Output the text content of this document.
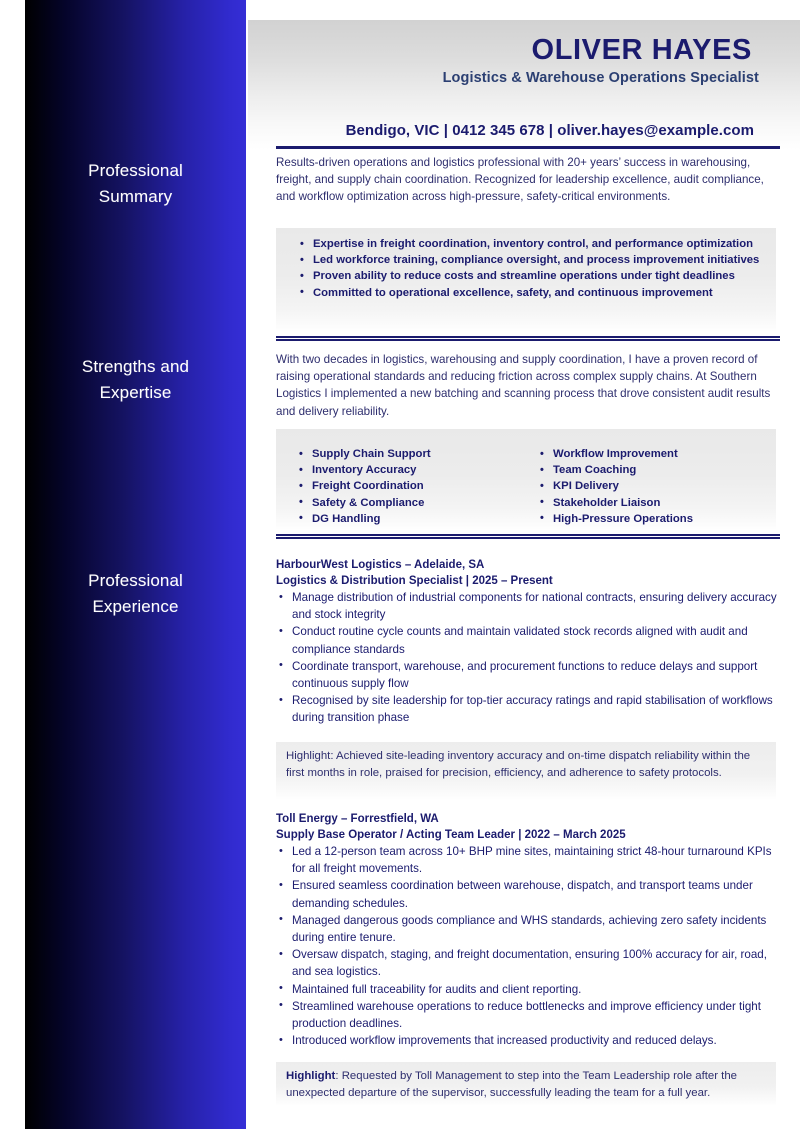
Professional
Summary
Strengths and
Expertise
Professional
Experience
OLIVER HAYES
Logistics & Warehouse Operations Specialist
Bendigo, VIC | 0412 345 678 | oliver.hayes@example.com
Results-driven operations and logistics professional with 20+ years’ success in warehousing, freight, and supply chain coordination. Recognized for leadership excellence, audit compliance, and workflow optimization across high-pressure, safety-critical environments.
• Expertise in freight coordination, inventory control, and performance optimization
• Led workforce training, compliance oversight, and process improvement initiatives
• Proven ability to reduce costs and streamline operations under tight deadlines
• Committed to operational excellence, safety, and continuous improvement
With two decades in logistics, warehousing and supply coordination, I have a proven record of raising operational standards and reducing friction across complex supply chains. At Southern Logistics I implemented a new batching and scanning process that drove consistent audit results and delivery reliability.
• Supply Chain Support
• Inventory Accuracy
• Freight Coordination
• Safety & Compliance
• DG Handling
• Workflow Improvement
• Team Coaching
• KPI Delivery
• Stakeholder Liaison
• High-Pressure Operations
HarbourWest Logistics – Adelaide, SA
Logistics & Distribution Specialist | 2025 – Present
• Manage distribution of industrial components for national contracts, ensuring delivery accuracy and stock integrity
• Conduct routine cycle counts and maintain validated stock records aligned with audit and compliance standards
• Coordinate transport, warehouse, and procurement functions to reduce delays and support continuous supply flow
• Recognised by site leadership for top-tier accuracy ratings and rapid stabilisation of workflows during transition phase
Highlight: Achieved site-leading inventory accuracy and on-time dispatch reliability within the first months in role, praised for precision, efficiency, and adherence to safety protocols.
Toll Energy – Forrestfield, WA
Supply Base Operator / Acting Team Leader | 2022 – March 2025
• Led a 12-person team across 10+ BHP mine sites, maintaining strict 48-hour turnaround KPIs for all freight movements.
• Ensured seamless coordination between warehouse, dispatch, and transport teams under demanding schedules.
• Managed dangerous goods compliance and WHS standards, achieving zero safety incidents during entire tenure.
• Oversaw dispatch, staging, and freight documentation, ensuring 100% accuracy for air, road, and sea logistics.
• Maintained full traceability for audits and client reporting.
• Streamlined warehouse operations to reduce bottlenecks and improve efficiency under tight production deadlines.
• Introduced workflow improvements that increased productivity and reduced delays.
Highlight: Requested by Toll Management to step into the Team Leadership role after the unexpected departure of the supervisor, successfully leading the team for a full year.
